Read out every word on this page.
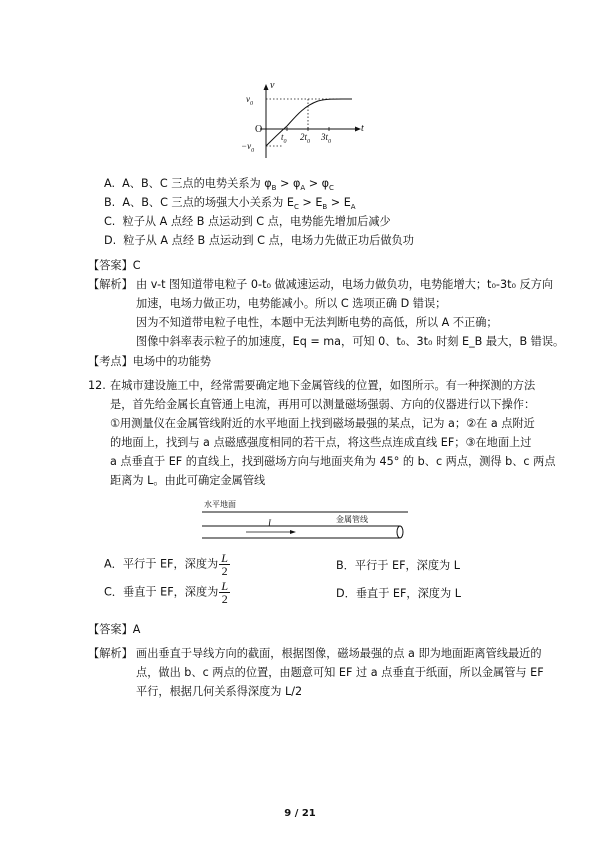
v
t
$v_0$
$-v_0$
O
$t_0$ $2t_0$ $3t_0$
A. A、B、C 三点的电势关系为 $\varphi_B > \varphi_A > \varphi_C$
B. A、B、C 三点的场强大小关系为 $E_C > E_B > E_A$
C. 粒子从 A 点经 B 点运动到 C 点，电势能先增加后减少
D. 粒子从 A 点经 B 点运动到 C 点，电场力先做正功后做负功
【答案】C
【解析】 由 v-t 图知道带电粒子 0-t₀ 做减速运动，电场力做负功，电势能增大；t₀-3t₀ 反方向
加速，电场力做正功，电势能减小。所以 C 选项正确 D 错误；
因为不知道带电粒子电性，本题中无法判断电势的高低，所以 A 不正确；
图像中斜率表示粒子的加速度，Eq = ma，可知 0、t₀、3t₀ 时刻 E_B 最大，B 错误。
【考点】电场中的功能势
12. 在城市建设施工中，经常需要确定地下金属管线的位置，如图所示。有一种探测的方法
是，首先给金属长直管通上电流，再用可以测量磁场强弱、方向的仪器进行以下操作：
①用测量仪在金属管线附近的水平地面上找到磁场最强的某点，记为 a；②在 a 点附近
的地面上，找到与 a 点磁感强度相同的若干点，将这些点连成直线 EF；③在地面上过
a 点垂直于 EF 的直线上，找到磁场方向与地面夹角为 45° 的 b、c 两点，测得 b、c 两点
距离为 L。由此可确定金属管线
水平地面
I	金属管线
A．平行于 EF，深度为 $\frac{L}{2}$	B．平行于 EF，深度为 L
C．垂直于 EF，深度为 $\frac{L}{2}$	D．垂直于 EF，深度为 L
【答案】A
【解析】 画出垂直于导线方向的截面，根据图像，磁场最强的点 a 即为地面距离管线最近的
点，做出 b、c 两点的位置，由题意可知 EF 过 a 点垂直于纸面，所以金属管与 EF
平行，根据几何关系得深度为 L/2
9 / 21
